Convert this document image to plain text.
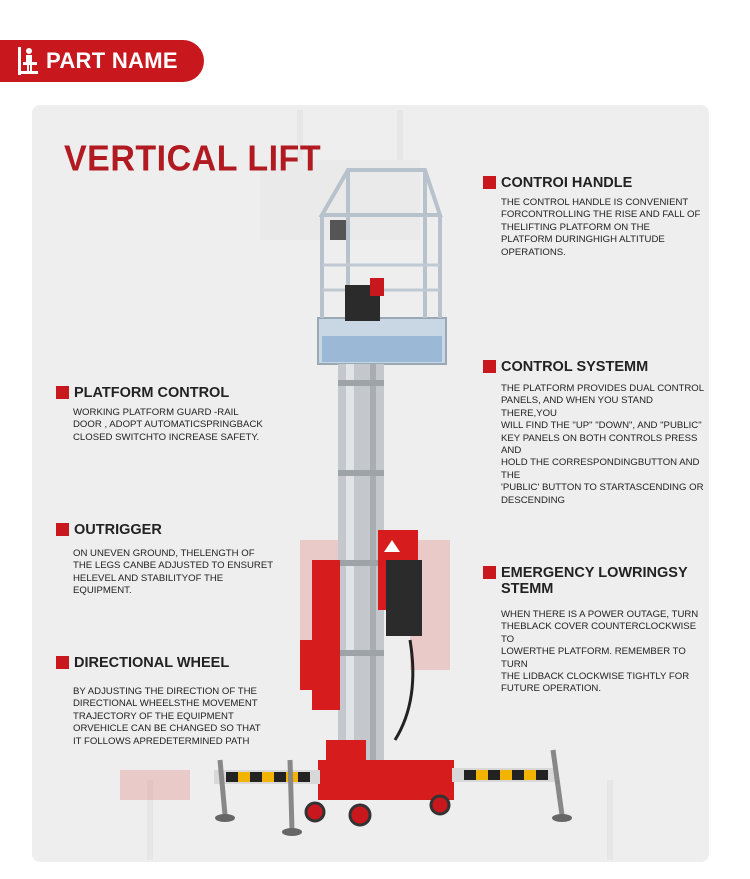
PART NAME
VERTICAL LIFT
CONTROI HANDLE
THE CONTROL HANDLE IS CONVENIENT
FORCONTROLLING THE RISE AND FALL OF
THELIFTING PLATFORM ON THE
PLATFORM DURINGHIGH ALTITUDE
OPERATIONS.
PLATFORM CONTROL
WORKING PLATFORM GUARD -RAIL
DOOR , ADOPT AUTOMATICSPRINGBACK
CLOSED SWITCHTO INCREASE SAFETY.
CONTROL SYSTEMM
THE PLATFORM PROVIDES DUAL CONTROL
PANELS, AND WHEN YOU STAND THERE,YOU
WILL FIND THE "UP" "DOWN", AND "PUBLIC"
KEY PANELS ON BOTH CONTROLS PRESS AND
HOLD THE CORRESPONDINGBUTTON AND THE
'PUBLIC' BUTTON TO STARTASCENDING OR
DESCENDING
OUTRIGGER
ON UNEVEN GROUND, THELENGTH OF
THE LEGS CANBE ADJUSTED TO ENSURET
HELEVEL AND STABILITYOF THE EQUIPMENT.
EMERGENCY LOWRINGSY
STEMM
WHEN THERE IS A POWER OUTAGE, TURN
THEBLACK COVER COUNTERCLOCKWISE TO
LOWERTHE PLATFORM. REMEMBER TO TURN
THE LIDBACK CLOCKWISE TIGHTLY FOR
FUTURE OPERATION.
DIRECTIONAL WHEEL
BY ADJUSTING THE DIRECTION OF THE
DIRECTIONAL WHEELSTHE MOVEMENT
TRAJECTORY OF THE EQUIPMENT
ORVEHICLE CAN BE CHANGED SO THAT
IT FOLLOWS APREDETERMINED PATH
